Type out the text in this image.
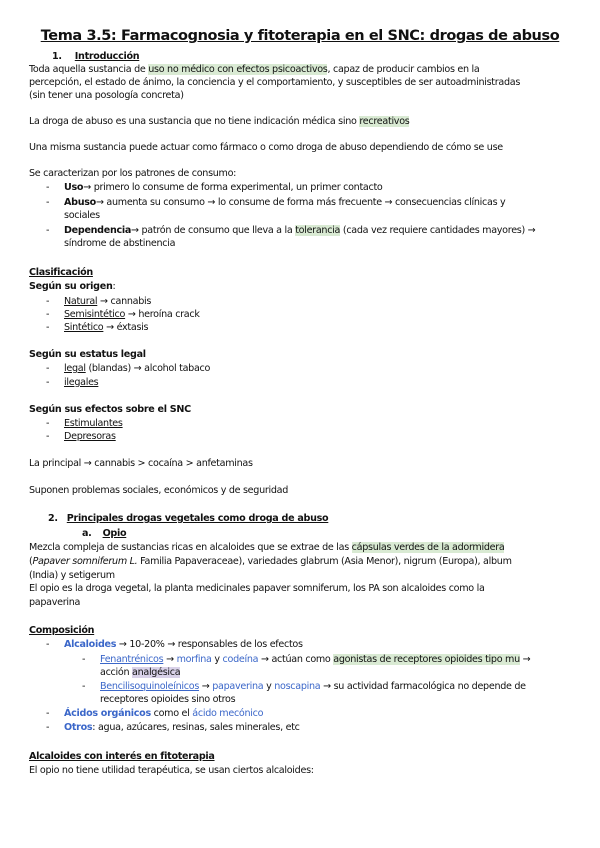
Tema 3.5: Farmacognosia y fitoterapia en el SNC: drogas de abuso
1. Introducción
Toda aquella sustancia de uso no médico con efectos psicoactivos, capaz de producir cambios en la
percepción, el estado de ánimo, la conciencia y el comportamiento, y susceptibles de ser autoadministradas
(sin tener una posología concreta)
La droga de abuso es una sustancia que no tiene indicación médica sino recreativos
Una misma sustancia puede actuar como fármaco o como droga de abuso dependiendo de cómo se use
Se caracterizan por los patrones de consumo:
- Uso→ primero lo consume de forma experimental, un primer contacto
- Abuso→ aumenta su consumo → lo consume de forma más frecuente → consecuencias clínicas y
sociales
- Dependencia→ patrón de consumo que lleva a la tolerancia (cada vez requiere cantidades mayores) →
síndrome de abstinencia
Clasificación
Según su origen:
- Natural → cannabis
- Semisintético → heroína crack
- Sintético → éxtasis
Según su estatus legal
- legal (blandas) → alcohol tabaco
- ilegales
Según sus efectos sobre el SNC
- Estimulantes
- Depresoras
La principal → cannabis > cocaína > anfetaminas
Suponen problemas sociales, económicos y de seguridad
2. Principales drogas vegetales como droga de abuso
a. Opio
Mezcla compleja de sustancias ricas en alcaloides que se extrae de las cápsulas verdes de la adormidera
(Papaver somniferum L. Familia Papaveraceae), variedades glabrum (Asia Menor), nigrum (Europa), album
(India) y setigerum
El opio es la droga vegetal, la planta medicinales papaver somniferum, los PA son alcaloides como la
papaverina
Composición
- Alcaloides → 10-20% → responsables de los efectos
- Fenantrénicos → morfina y codeína → actúan como agonistas de receptores opioides tipo mu →
acción analgésica
- Bencilisoquinoleínicos → papaverina y noscapina → su actividad farmacológica no depende de
receptores opioides sino otros
- Ácidos orgánicos como el ácido mecónico
- Otros: agua, azúcares, resinas, sales minerales, etc
Alcaloides con interés en fitoterapia
El opio no tiene utilidad terapéutica, se usan ciertos alcaloides:
